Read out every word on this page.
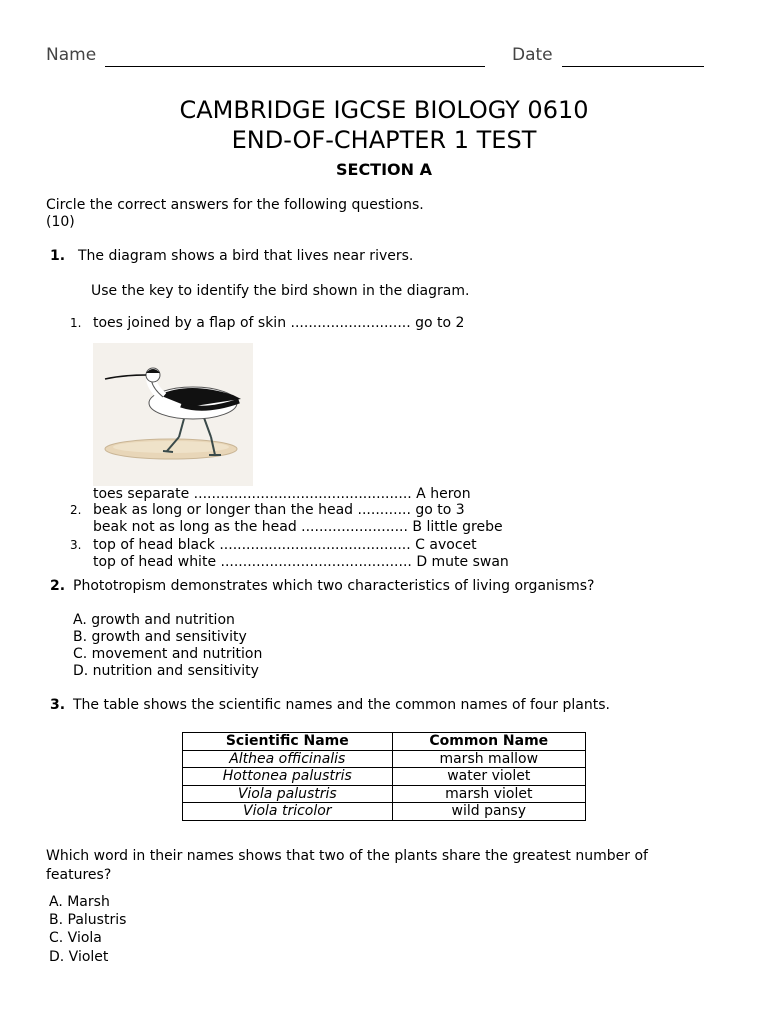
Name	Date
CAMBRIDGE IGCSE BIOLOGY 0610
END-OF-CHAPTER 1 TEST
SECTION A
Circle the correct answers for the following questions.
(10)
1. The diagram shows a bird that lives near rivers.
Use the key to identify the bird shown in the diagram.
1. toes joined by a flap of skin ........................... go to 2
toes separate ................................................. A heron
2. beak as long or longer than the head ............ go to 3
beak not as long as the head ........................ B little grebe
3. top of head black ........................................... C avocet
top of head white ........................................... D mute swan
2. Phototropism demonstrates which two characteristics of living organisms?
A. growth and nutrition
B. growth and sensitivity
C. movement and nutrition
D. nutrition and sensitivity
3. The table shows the scientific names and the common names of four plants.
Scientific Name	Common Name
Althea officinalis	marsh mallow
Hottonea palustris	water violet
Viola palustris	marsh violet
Viola tricolor	wild pansy
Which word in their names shows that two of the plants share the greatest number of
features?
A. Marsh
B. Palustris
C. Viola
D. Violet
